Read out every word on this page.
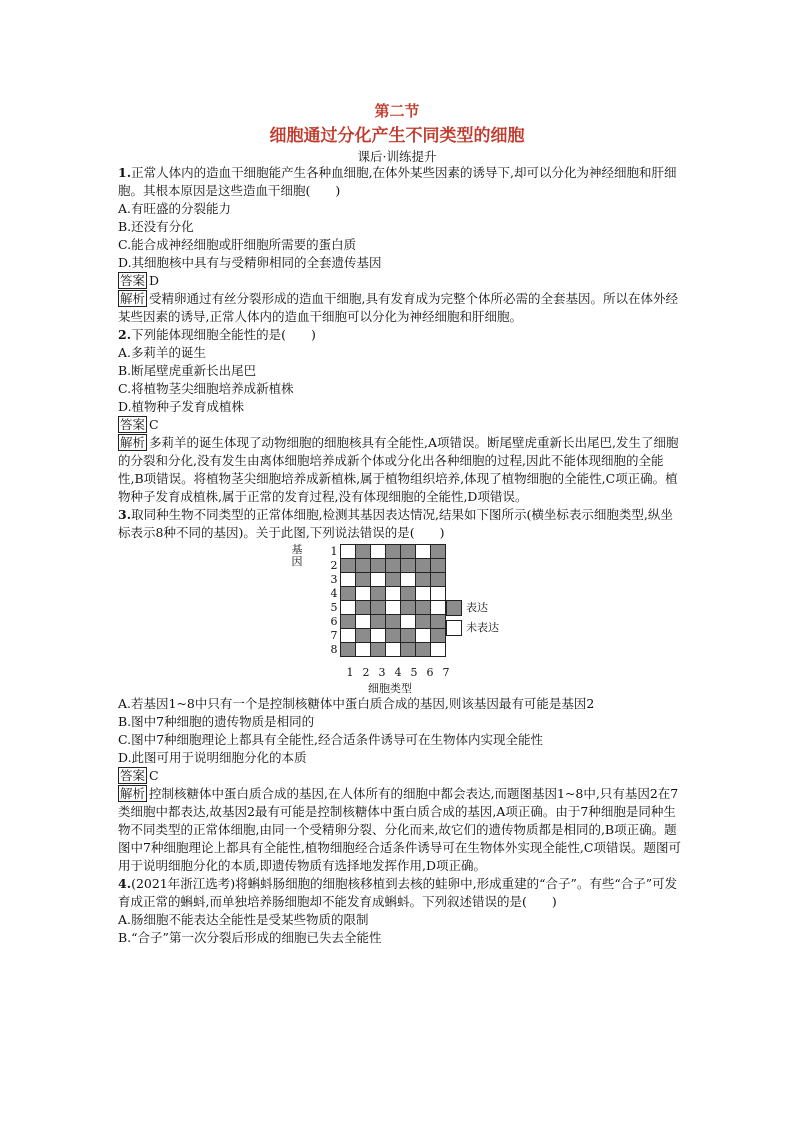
第二节
细胞通过分化产生不同类型的细胞
课后·训练提升

1.正常人体内的造血干细胞能产生各种血细胞,在体外某些因素的诱导下,却可以分化为神经细胞和肝细胞。其根本原因是这些造血干细胞(　　)

A.有旺盛的分裂能力

B.还没有分化

C.能合成神经细胞或肝细胞所需要的蛋白质

D.其细胞核中具有与受精卵相同的全套遗传基因

答案 D

解析 受精卵通过有丝分裂形成的造血干细胞,具有发育成为完整个体所必需的全套基因。所以在体外经某些因素的诱导,正常人体内的造血干细胞可以分化为神经细胞和肝细胞。

2.下列能体现细胞全能性的是(　　)

A.多莉羊的诞生

B.断尾壁虎重新长出尾巴

C.将植物茎尖细胞培养成新植株

D.植物种子发育成植株

答案 C

解析 多莉羊的诞生体现了动物细胞的细胞核具有全能性,A项错误。断尾壁虎重新长出尾巴,发生了细胞的分裂和分化,没有发生由离体细胞培养成新个体或分化出各种细胞的过程,因此不能体现细胞的全能性,B项错误。将植物茎尖细胞培养成新植株,属于植物组织培养,体现了植物细胞的全能性,C项正确。植物种子发育成植株,属于正常的发育过程,没有体现细胞的全能性,D项错误。

3.取同种生物不同类型的正常体细胞,检测其基因表达情况,结果如下图所示(横坐标表示细胞类型,纵坐标表示8种不同的基因)。关于此图,下列说法错误的是(　　)

基因
1							
2							
3							
4							
5							
6							
7							
8							
1 2 3 4 5 6 7
细胞类型
表达
未表达

A.若基因1~8中只有一个是控制核糖体中蛋白质合成的基因,则该基因最有可能是基因2

B.图中7种细胞的遗传物质是相同的

C.图中7种细胞理论上都具有全能性,经合适条件诱导可在生物体内实现全能性

D.此图可用于说明细胞分化的本质

答案 C

解析 控制核糖体中蛋白质合成的基因,在人体所有的细胞中都会表达,而题图基因1~8中,只有基因2在7类细胞中都表达,故基因2最有可能是控制核糖体中蛋白质合成的基因,A项正确。由于7种细胞是同种生物不同类型的正常体细胞,由同一个受精卵分裂、分化而来,故它们的遗传物质都是相同的,B项正确。题图中7种细胞理论上都具有全能性,植物细胞经合适条件诱导可在生物体外实现全能性,C项错误。题图可用于说明细胞分化的本质,即遗传物质有选择地发挥作用,D项正确。

4.(2021年浙江选考)将蝌蚪肠细胞的细胞核移植到去核的蛙卵中,形成重建的“合子”。有些“合子”可发育成正常的蝌蚪,而单独培养肠细胞却不能发育成蝌蚪。下列叙述错误的是(　　)

A.肠细胞不能表达全能性是受某些物质的限制

B.“合子”第一次分裂后形成的细胞已失去全能性
